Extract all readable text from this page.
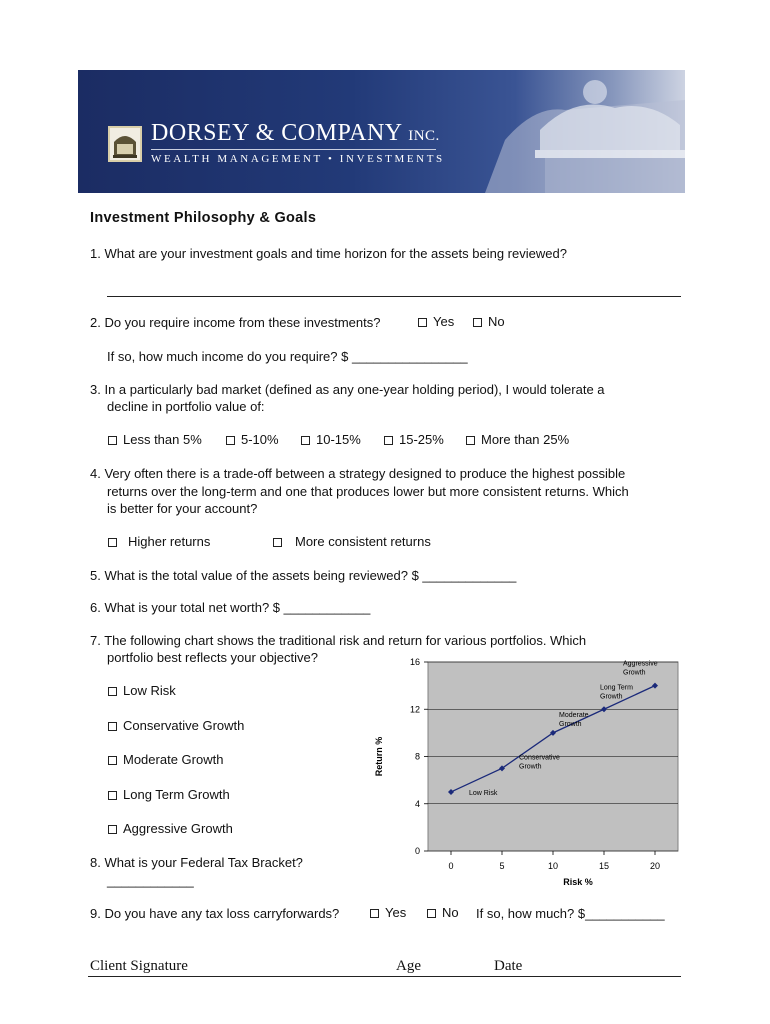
DORSEY & COMPANY INC.
WEALTH MANAGEMENT • INVESTMENTS
Investment Philosophy & Goals
1. What are your investment goals and time horizon for the assets being reviewed?
2. Do you require income from these investments?	Yes	No
If so, how much income do you require? $ ________________
3. In a particularly bad market (defined as any one-year holding period), I would tolerate a
decline in portfolio value of:
Less than 5%	5-10%	10-15%	15-25%	More than 25%
4. Very often there is a trade-off between a strategy designed to produce the highest possible
returns over the long-term and one that produces lower but more consistent returns. Which
is better for your account?
Higher returns	More consistent returns
5. What is the total value of the assets being reviewed? $ _____________
6. What is your total net worth? $ ____________
7. The following chart shows the traditional risk and return for various portfolios. Which
portfolio best reflects your objective?
Low Risk
Conservative Growth
Moderate Growth
Long Term Growth
Aggressive Growth
0
4
8
12
16
0	5	10	15	20
Risk %
Return %
Low Risk
Conservative
Growth
Moderate
Growth
Long Term
Growth
Aggressive
Growth
8. What is your Federal Tax Bracket?
____________
9. Do you have any tax loss carryforwards?	Yes	No If so, how much? $___________
Client Signature	Age	Date
